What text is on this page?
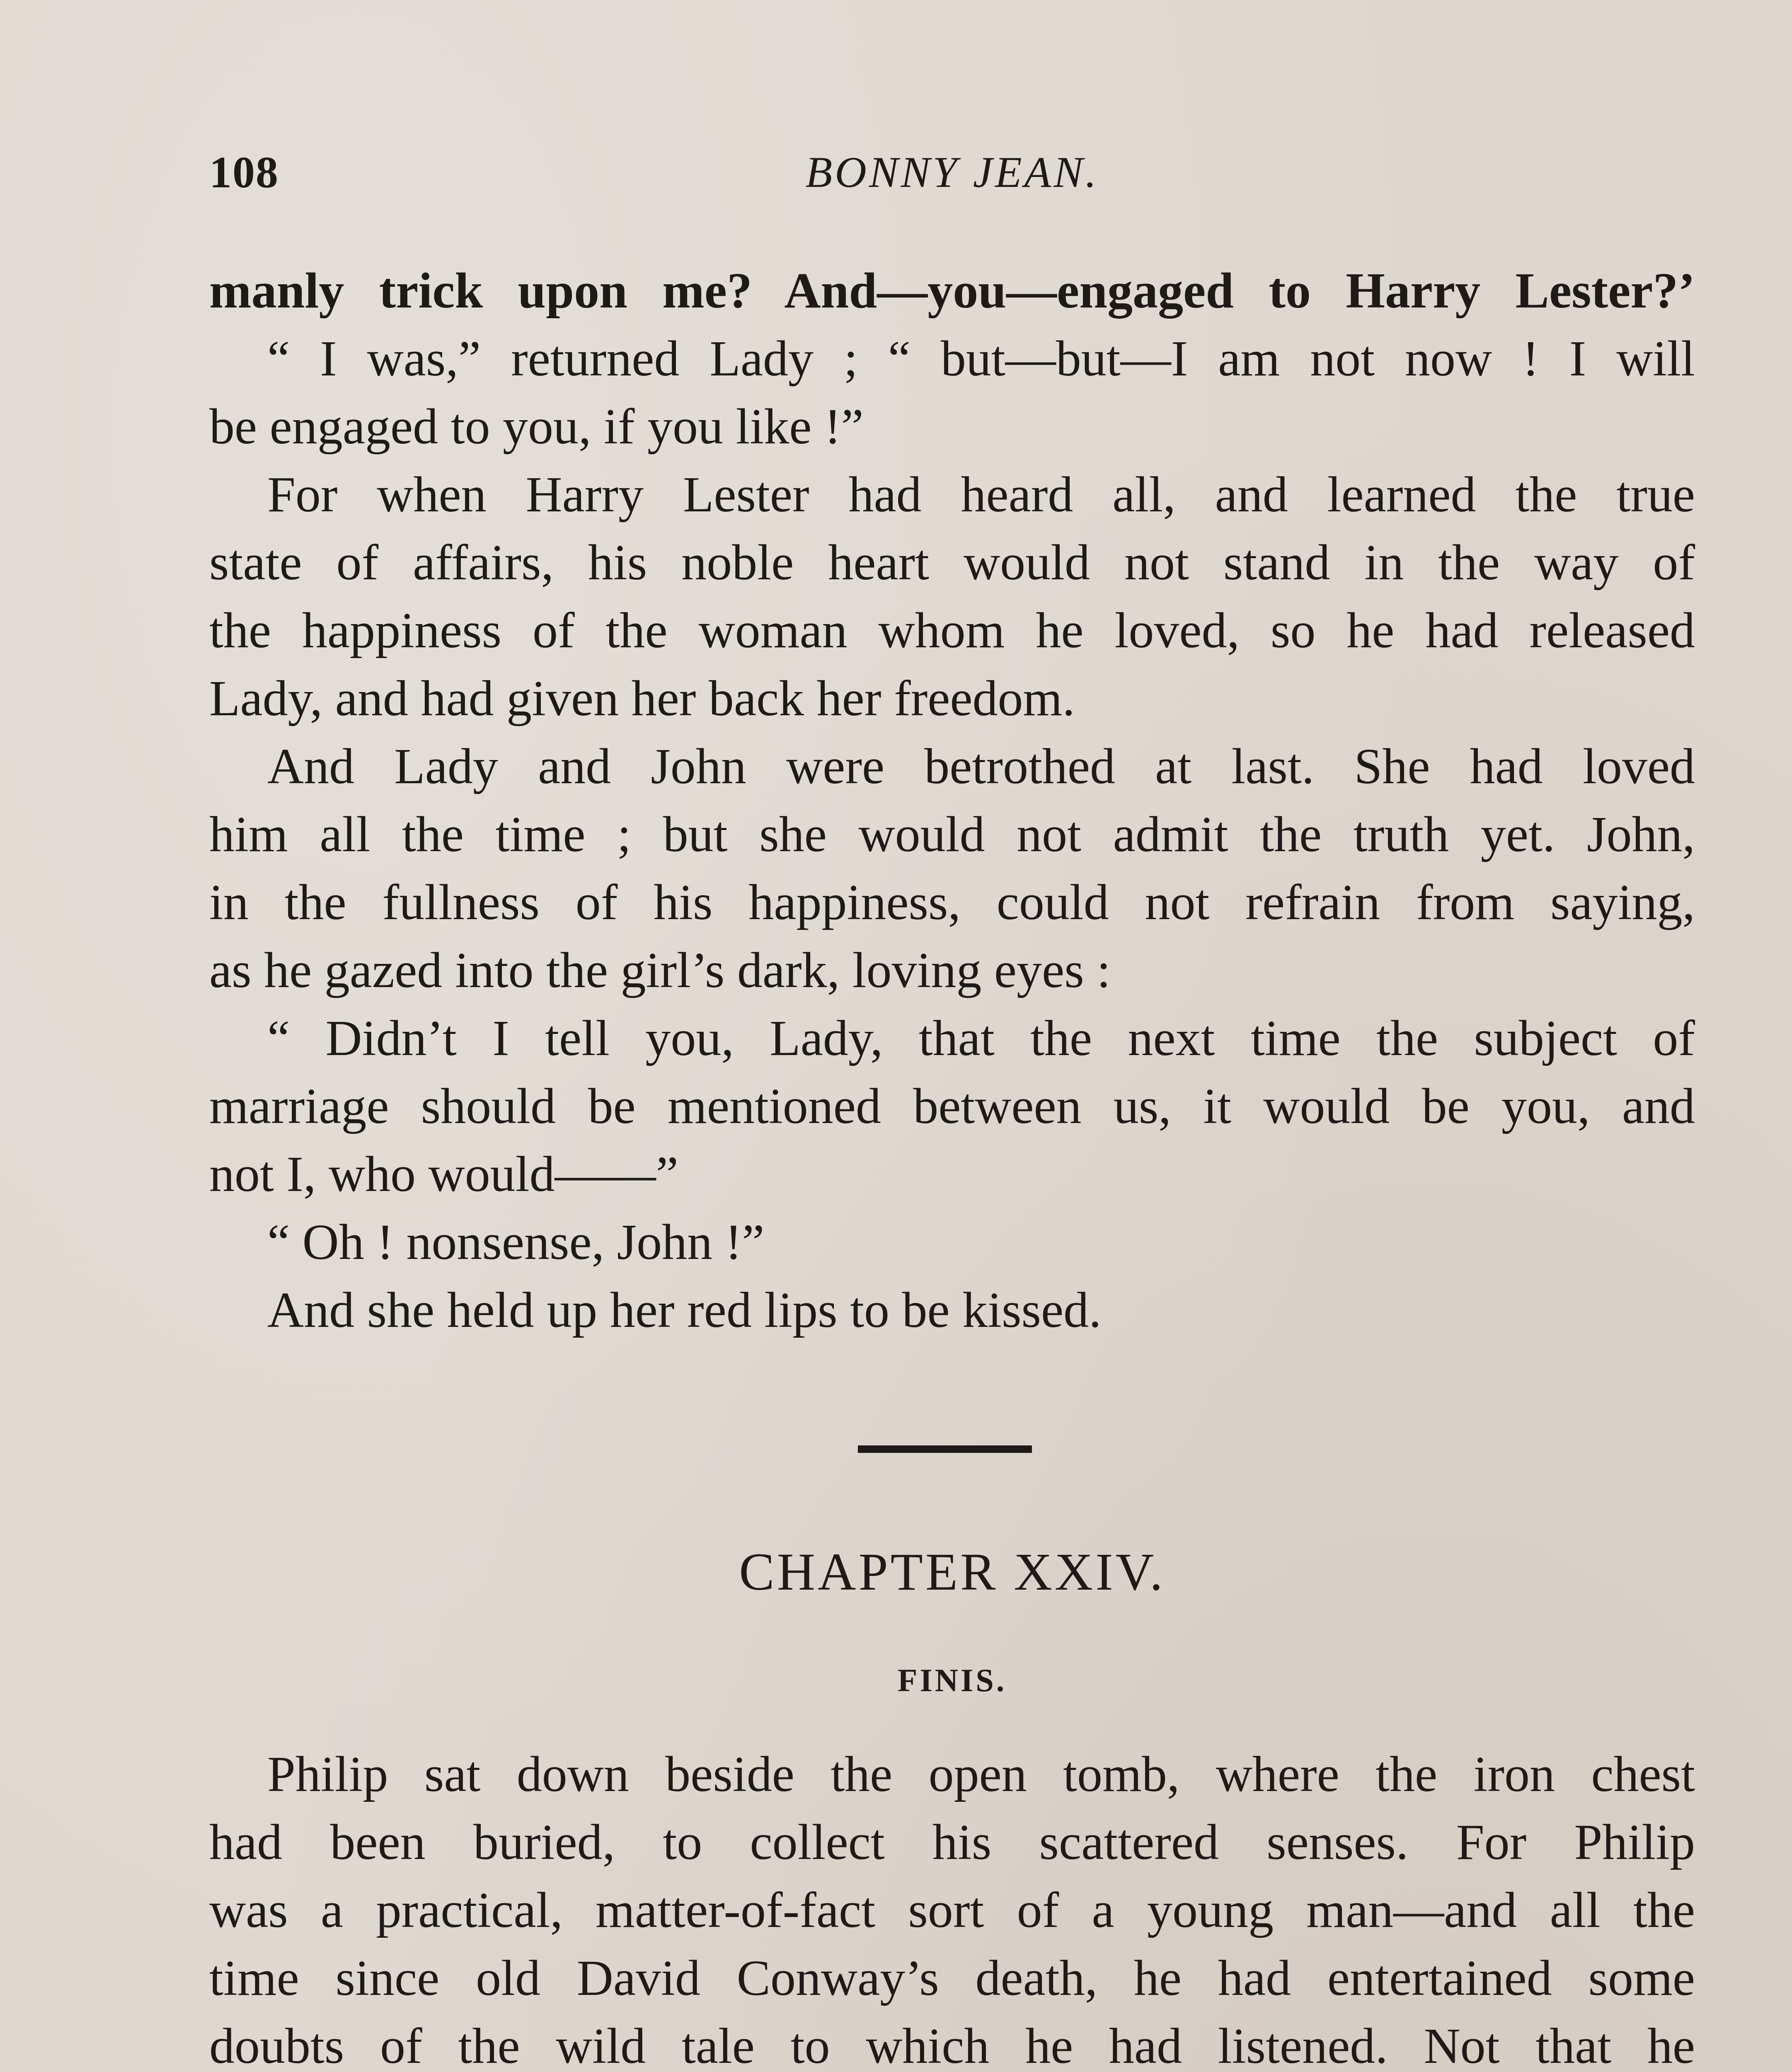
108	BONNY JEAN.
manly trick upon me? And—you—engaged to Harry Lester?’
“ I was,” returned Lady ; “ but—but—I am not now ! I will
be engaged to you, if you like !”
For when Harry Lester had heard all, and learned the true
state of affairs, his noble heart would not stand in the way of
the happiness of the woman whom he loved, so he had released
Lady, and had given her back her freedom.
And Lady and John were betrothed at last. She had loved
him all the time ; but she would not admit the truth yet. John,
in the fullness of his happiness, could not refrain from saying,
as he gazed into the girl’s dark, loving eyes :
“ Didn’t I tell you, Lady, that the next time the subject of
marriage should be mentioned between us, it would be you, and
not I, who would——”
“ Oh ! nonsense, John !”
And she held up her red lips to be kissed.
CHAPTER XXIV.
FINIS.
Philip sat down beside the open tomb, where the iron chest
had been buried, to collect his scattered senses. For Philip
was a practical, matter-of-fact sort of a young man—and all the
time since old David Conway’s death, he had entertained some
doubts of the wild tale to which he had listened. Not that he
